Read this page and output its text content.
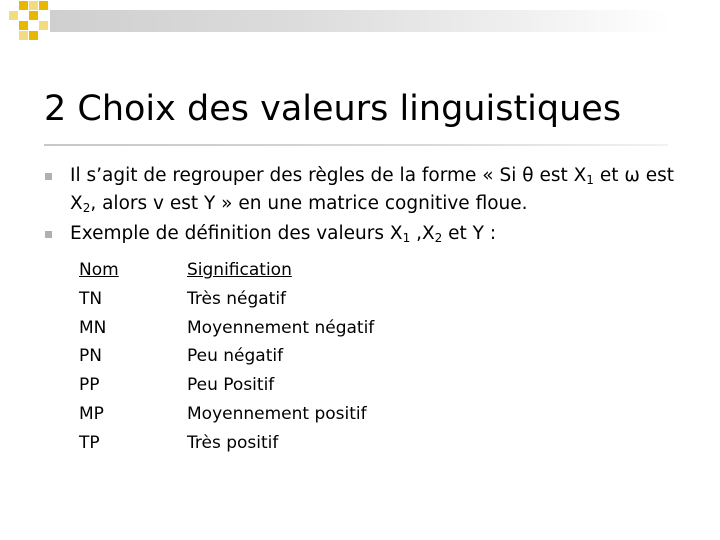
2 Choix des valeurs linguistiques
Il s’agit de regrouper des règles de la forme « Si θ est $X_1$ et ω est $X_2$, alors v est Y » en une matrice cognitive floue.
Exemple de définition des valeurs $X_1$ $,X_2$ et Y :
Nom	Signification
TN	Très négatif
MN	Moyennement négatif
PN	Peu négatif
PP	Peu Positif
MP	Moyennement positif
TP	Très positif
